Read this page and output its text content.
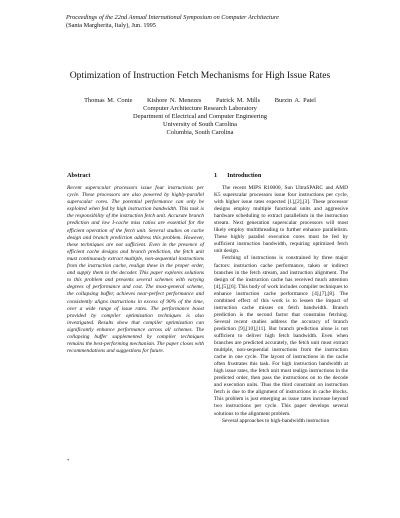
Proceedings of the 22nd Annual International Symposium on Computer Architecture
(Santa Margherita, Italy), Jun. 1995
Optimization of Instruction Fetch Mechanisms for High Issue Rates
Thomas M. Conte Kishore N. Menezes Patrick M. Mills Burzin A. Patel
Computer Architecture Research Laboratory
Department of Electrical and Computer Engineering
University of South Carolina
Columbia, South Carolina
Abstract	1 Introduction
Recent superscalar processors issue four instructions per cycle. These processors are also powered by highly-parallel superscalar cores. The potential performance can only be exploited when fed by high instruction bandwidth. This task is the responsibility of the instruction fetch unit. Accurate branch prediction and low I-cache miss ratios are essential for the efficient operation of the fetch unit. Several studies on cache design and branch prediction address this problem. However, these techniques are not sufficient. Even in the presence of efficient cache designs and branch prediction, the fetch unit must continuously extract multiple, non-sequential instructions from the instruction cache, realign these in the proper order, and supply them to the decoder. This paper explores solutions to this problem and presents several schemes with varying degrees of performance and cost. The most-general scheme, the collapsing buffer, achieves near-perfect performance and consistently aligns instructions in excess of 90% of the time, over a wide range of issue rates. The performance boost provided by compiler optimization techniques is also investigated. Results show that compiler optimization can significantly enhance performance across all schemes. The collapsing buffer supplemented by compiler techniques remains the best-performing mechanism. The paper closes with recommendations and suggestions for future.

The recent MIPS R10000, Sun UltraSPARC and AMD K5 superscalar processors issue four instructions per cycle, with higher issue rates expected [1],[2],[3]. These processor designs employ multiple functional units and aggressive hardware scheduling to extract parallelism in the instruction stream. Next generation superscalar processors will most likely employ multithreading to further enhance parallelism. These highly parallel execution cores must be fed by sufficient instruction bandwidth, requiring optimized fetch unit design.

Fetching of instructions is constrained by three major factors: instruction cache performance, taken or indirect branches in the fetch stream, and instruction alignment. The design of the instruction cache has received much attention [4],[5],[6]. This body of work includes compiler techniques to enhance instruction cache performance [4],[7],[8]. The combined effect of this work is to lessen the impact of instruction cache misses on fetch bandwidth. Branch prediction is the second factor that constrains fetching. Several recent studies address the accuracy of branch prediction [9],[10],[11]. But branch prediction alone is not sufficient to deliver high fetch bandwidth. Even when branches are predicted accurately, the fetch unit must extract multiple, non-sequential instructions from the instruction cache in one cycle. The layout of instructions in the cache often frustrates this task. For high instruction bandwidth at high issue rates, the fetch unit must realign instructions in the predicted order, then pass the instructions on to the decode and execution units. Thus the third constraint on instruction fetch is due to the alignment of instructions in cache blocks. This problem is just emerging as issue rates increase beyond two instructions per cycle. This paper develops several solutions to the alignment problem.

Several approaches to high-bandwidth instruction

*
